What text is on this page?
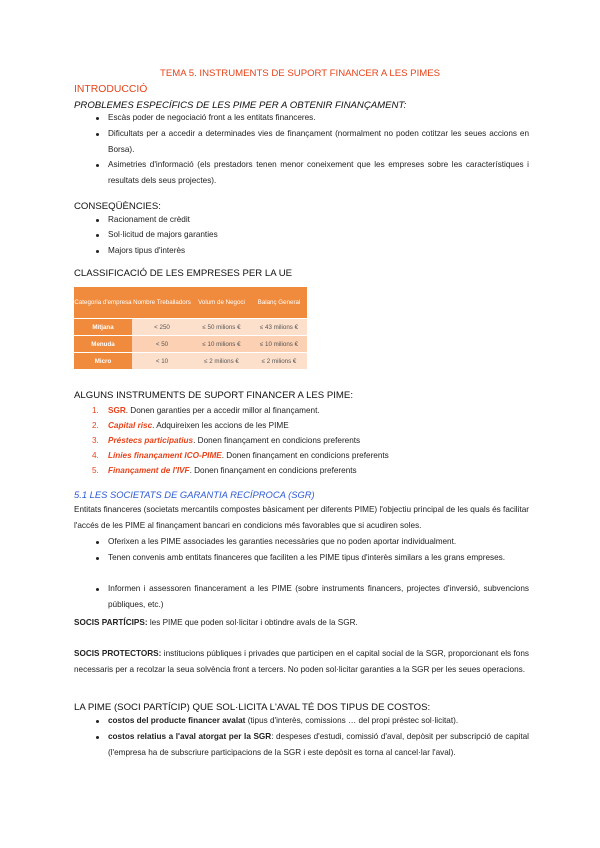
TEMA 5. INSTRUMENTS DE SUPORT FINANCER A LES PIMES
INTRODUCCIÓ
PROBLEMES ESPECÍFICS DE LES PIME PER A OBTENIR FINANÇAMENT:
Escàs poder de negociació front a les entitats financeres.
Dificultats per a accedir a determinades vies de finançament (normalment no poden cotitzar les seues accions en Borsa).
Asimetries d'informació (els prestadors tenen menor coneixement que les empreses sobre les característiques i resultats dels seus projectes).
CONSEQÜÈNCIES:
Racionament de crèdit
Sol·licitud de majors garanties
Majors tipus d'interès
CLASSIFICACIÓ DE LES EMPRESES PER LA UE
Categoria d'empresa	Nombre Treballadors	Volum de Negoci	Balanç General
Mitjana	< 250	≤ 50 milions €	≤ 43 milions €
Menuda	< 50	≤ 10 milions €	≤ 10 milions €
Micro	< 10	≤ 2 milions €	≤ 2 milions €
ALGUNS INSTRUMENTS DE SUPORT FINANCER A LES PIME:
1. SGR. Donen garanties per a accedir millor al finançament.
2. Capital risc. Adquireixen les accions de les PIME
3. Préstecs participatius. Donen finançament en condicions preferents
4. Línies finançament ICO-PIME. Donen finançament en condicions preferents
5. Finançament de l'IVF. Donen finançament en condicions preferents
5.1 LES SOCIETATS DE GARANTIA RECÍPROCA (SGR)
Entitats financeres (societats mercantils compostes bàsicament per diferents PIME) l'objectiu principal de les quals és facilitar l'accés de les PIME al finançament bancari en condicions més favorables que si acudiren soles.
Oferixen a les PIME associades les garanties necessàries que no poden aportar individualment.
Tenen convenis amb entitats financeres que faciliten a les PIME tipus d'interès similars a les grans empreses.
Informen i assessoren financerament a les PIME (sobre instruments financers, projectes d'inversió, subvencions públiques, etc.)
SOCIS PARTÍCIPS: les PIME que poden sol·licitar i obtindre avals de la SGR.
SOCIS PROTECTORS: institucions públiques i privades que participen en el capital social de la SGR, proporcionant els fons necessaris per a recolzar la seua solvència front a tercers. No poden sol·licitar garanties a la SGR per les seues operacions.
LA PIME (SOCI PARTÍCIP) QUE SOL·LICITA L'AVAL TÉ DOS TIPUS DE COSTOS:
costos del producte financer avalat (tipus d'interès, comissions … del propi préstec sol·licitat).
costos relatius a l'aval atorgat per la SGR: despeses d'estudi, comissió d'aval, depòsit per subscripció de capital (l'empresa ha de subscriure participacions de la SGR i este depòsit es torna al cancel·lar l'aval).
